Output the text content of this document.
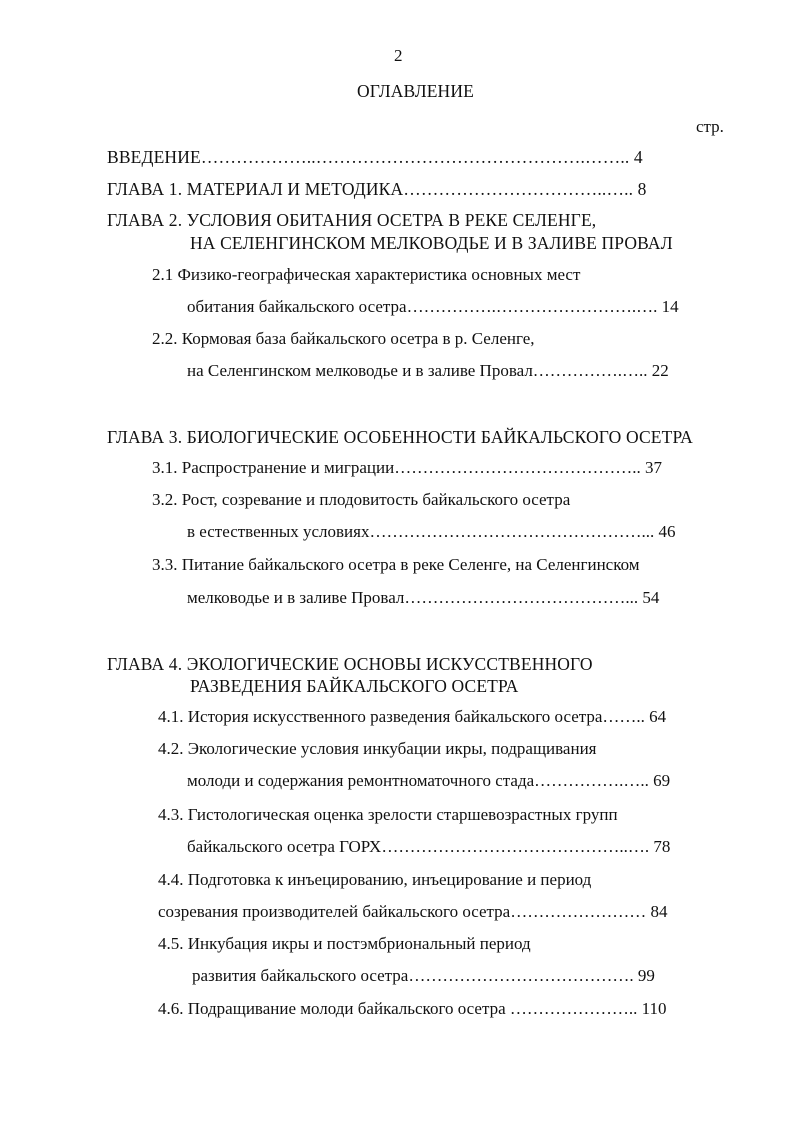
2

ОГЛАВЛЕНИЕ

стр.

ВВЕДЕНИЕ………………..……………………………………….…….. 4

ГЛАВА 1. МАТЕРИАЛ И МЕТОДИКА……………………………..….. 8

ГЛАВА 2. УСЛОВИЯ ОБИТАНИЯ ОСЕТРА В РЕКЕ СЕЛЕНГЕ,

НА СЕЛЕНГИНСКОМ МЕЛКОВОДЬЕ И В ЗАЛИВЕ ПРОВАЛ

2.1 Физико-географическая характеристика основных мест

обитания байкальского осетра…………….…………………….…. 14

2.2. Кормовая база байкальского осетра в р. Селенге,

на Селенгинском мелководье и в заливе Провал…………….….. 22

ГЛАВА 3. БИОЛОГИЧЕСКИЕ ОСОБЕННОСТИ БАЙКАЛЬСКОГО ОСЕТРА

3.1. Распространение и миграции…………………………………….. 37

3.2. Рост, созревание и плодовитость байкальского осетра

в естественных условиях…………………………………………... 46

3.3. Питание байкальского осетра в реке Селенге, на Селенгинском

мелководье и в заливе Провал…………………………………... 54

ГЛАВА 4. ЭКОЛОГИЧЕСКИЕ ОСНОВЫ ИСКУССТВЕННОГО

РАЗВЕДЕНИЯ БАЙКАЛЬСКОГО ОСЕТРА

4.1. История искусственного разведения байкальского осетра…….. 64

4.2. Экологические условия инкубации икры, подращивания

молоди и содержания ремонтноматочного стада…………….….. 69

4.3. Гистологическая оценка зрелости старшевозрастных групп

байкальского осетра ГОРХ……………………………………..…. 78

4.4. Подготовка к инъецированию, инъецирование и период

созревания производителей байкальского осетра…………………… 84

4.5. Инкубация икры и постэмбриональный период

развития байкальского осетра…………………………………. 99

4.6. Подращивание молоди байкальского осетра ………………….. 110
